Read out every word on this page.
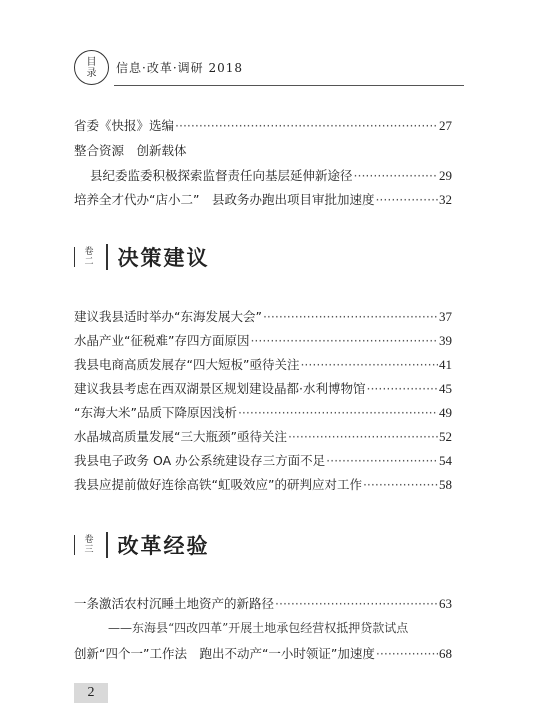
目
录 信息·改革·调研 2018
省委《快报》选编 ·····	27
整合资源　创新载体
县纪委监委积极探索监督责任向基层延伸新途径 ·····	29
培养全才代办“店小二”　县政务办跑出项目审批加速度 ·····	32
卷
二	决策建议
建议我县适时举办“东海发展大会” ·····	37
水晶产业“征税难”存四方面原因 ·····	39
我县电商高质发展存“四大短板”亟待关注 ·····	41
建议我县考虑在西双湖景区规划建设晶都·水利博物馆 ·····	45
“东海大米”品质下降原因浅析 ·····	49
水晶城高质量发展“三大瓶颈”亟待关注 ·····	52
我县电子政务 OA 办公系统建设存三方面不足 ·····	54
我县应提前做好连徐高铁“虹吸效应”的研判应对工作 ·····	58
卷
三	改革经验
一条激活农村沉睡土地资产的新路径 ·····	63
——东海县“四改四革”开展土地承包经营权抵押贷款试点
创新“四个一”工作法　跑出不动产“一小时领证”加速度 ·····	68
2
